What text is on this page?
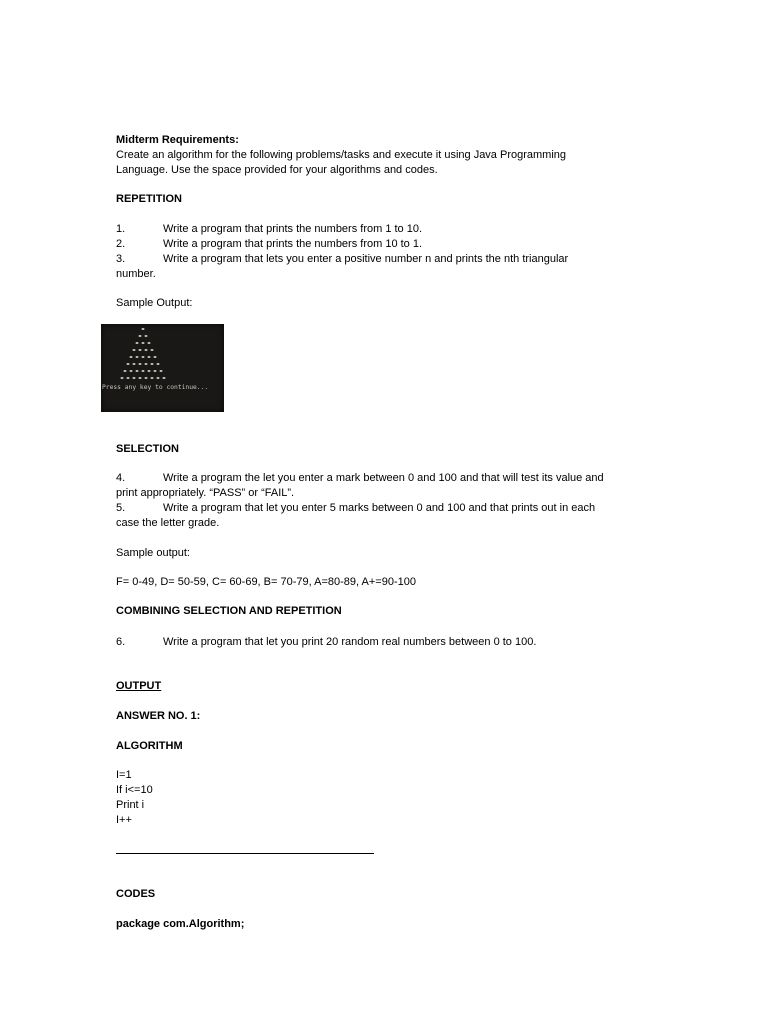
Midterm Requirements:
Create an algorithm for the following problems/tasks and execute it using Java Programming
Language. Use the space provided for your algorithms and codes.
REPETITION
1.	Write a program that prints the numbers from 1 to 10.
2.	Write a program that prints the numbers from 10 to 1.
3.	Write a program that lets you enter a positive number n and prints the nth triangular
number.
Sample Output:
Press any key to continue...
SELECTION
4.	Write a program the let you enter a mark between 0 and 100 and that will test its value and
print appropriately. “PASS” or “FAIL”.
5.	Write a program that let you enter 5 marks between 0 and 100 and that prints out in each
case the letter grade.
Sample output:
F= 0-49, D= 50-59, C= 60-69, B= 70-79, A=80-89, A+=90-100
COMBINING SELECTION AND REPETITION
6.	Write a program that let you print 20 random real numbers between 0 to 100.
OUTPUT
ANSWER NO. 1:
ALGORITHM
I=1
If i<=10
Print i
I++
CODES
package com.Algorithm;
